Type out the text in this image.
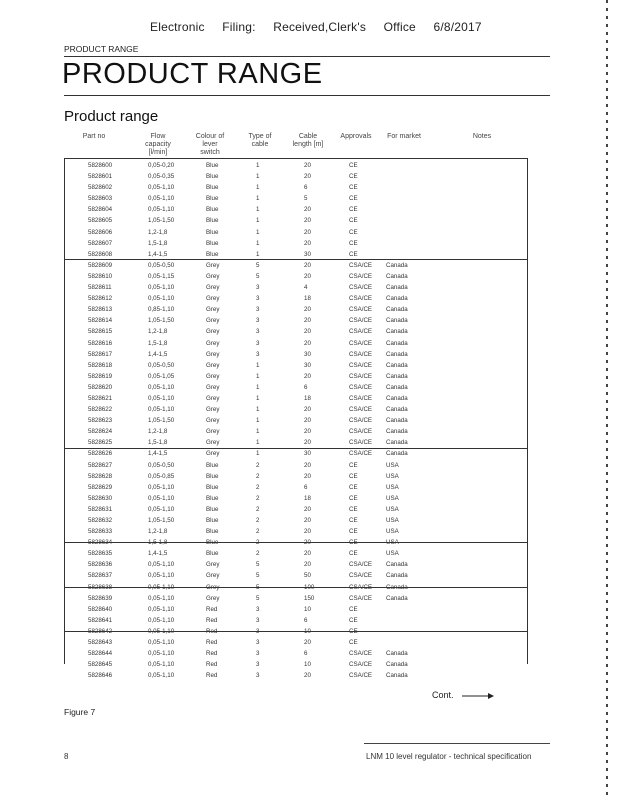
Electronic Filing: Received,Clerk's Office 6/8/2017
PRODUCT RANGE
PRODUCT RANGE
Product range
Part no	Flow
capacity
[l/min]
Colour of
lever
switch
Type of
cable
Cable
length [m]
Approvals	For market	Notes
5828600	0,05-0,20	Blue	1	20	CE
5828601	0,05-0,35	Blue	1	20	CE
5828602	0,05-1,10	Blue	1	6	CE
5828603	0,05-1,10	Blue	1	5	CE
5828604	0,05-1,10	Blue	1	20	CE
5828605	1,05-1,50	Blue	1	20	CE
5828606	1,2-1,8	Blue	1	20	CE
5828607	1,5-1,8	Blue	1	20	CE
5828608	1,4-1,5	Blue	1	30	CE
5828609	0,05-0,50	Grey	5	20	CSA/CE Canada
5828610	0,05-1,15	Grey	5	20	CSA/CE Canada
5828611	0,05-1,10	Grey	3	4	CSA/CE Canada
5828612	0,05-1,10	Grey	3	18	CSA/CE Canada
5828613	0,85-1,10	Grey	3	20	CSA/CE Canada
5828614	1,05-1,50	Grey	3	20	CSA/CE Canada
5828615	1,2-1,8	Grey	3	20	CSA/CE Canada
5828616	1,5-1,8	Grey	3	20	CSA/CE Canada
5828617	1,4-1,5	Grey	3	30	CSA/CE Canada
5828618	0,05-0,50	Grey	1	30	CSA/CE Canada
5828619	0,05-1,05	Grey	1	20	CSA/CE Canada
5828620	0,05-1,10	Grey	1	6	CSA/CE Canada
5828621	0,05-1,10	Grey	1	18	CSA/CE Canada
5828622	0,05-1,10	Grey	1	20	CSA/CE Canada
5828623	1,05-1,50	Grey	1	20	CSA/CE Canada
5828624	1,2-1,8	Grey	1	20	CSA/CE Canada
5828625	1,5-1,8	Grey	1	20	CSA/CE Canada
5828626	1,4-1,5	Grey	1	30	CSA/CE Canada
5828627	0,05-0,50	Blue	2	20	CE	USA
5828628	0,05-0,85	Blue	2	20	CE	USA
5828629	0,05-1,10	Blue	2	6	CE	USA
5828630	0,05-1,10	Blue	2	18	CE	USA
5828631	0,05-1,10	Blue	2	20	CE	USA
5828632	1,05-1,50	Blue	2	20	CE	USA
5828633	1,2-1,8	Blue	2	20	CE	USA
5828634	1,5-1,8	Blue	2	20	CE	USA
5828635	1,4-1,5	Blue	2	20	CE	USA
5828636	0,05-1,10	Grey	5	20	CSA/CE Canada
5828637	0,05-1,10	Grey	5	50	CSA/CE Canada
5828638	0,05-1,10	Grey	5	100	CSA/CE Canada
5828639	0,05-1,10	Grey	5	150	CSA/CE Canada
5828640	0,05-1,10	Red	3	10	CE
5828641	0,05-1,10	Red	3	6	CE
5828642	0,05-1,10	Red	3	10	CE
5828643	0,05-1,10	Red	3	20	CE
5828644	0,05-1,10	Red	3	6	CSA/CE Canada
5828645	0,05-1,10	Red	3	10	CSA/CE Canada
5828646	0,05-1,10	Red	3	20	CSA/CE Canada
Cont.
Figure 7
8	LNM 10 level regulator - technical specification
